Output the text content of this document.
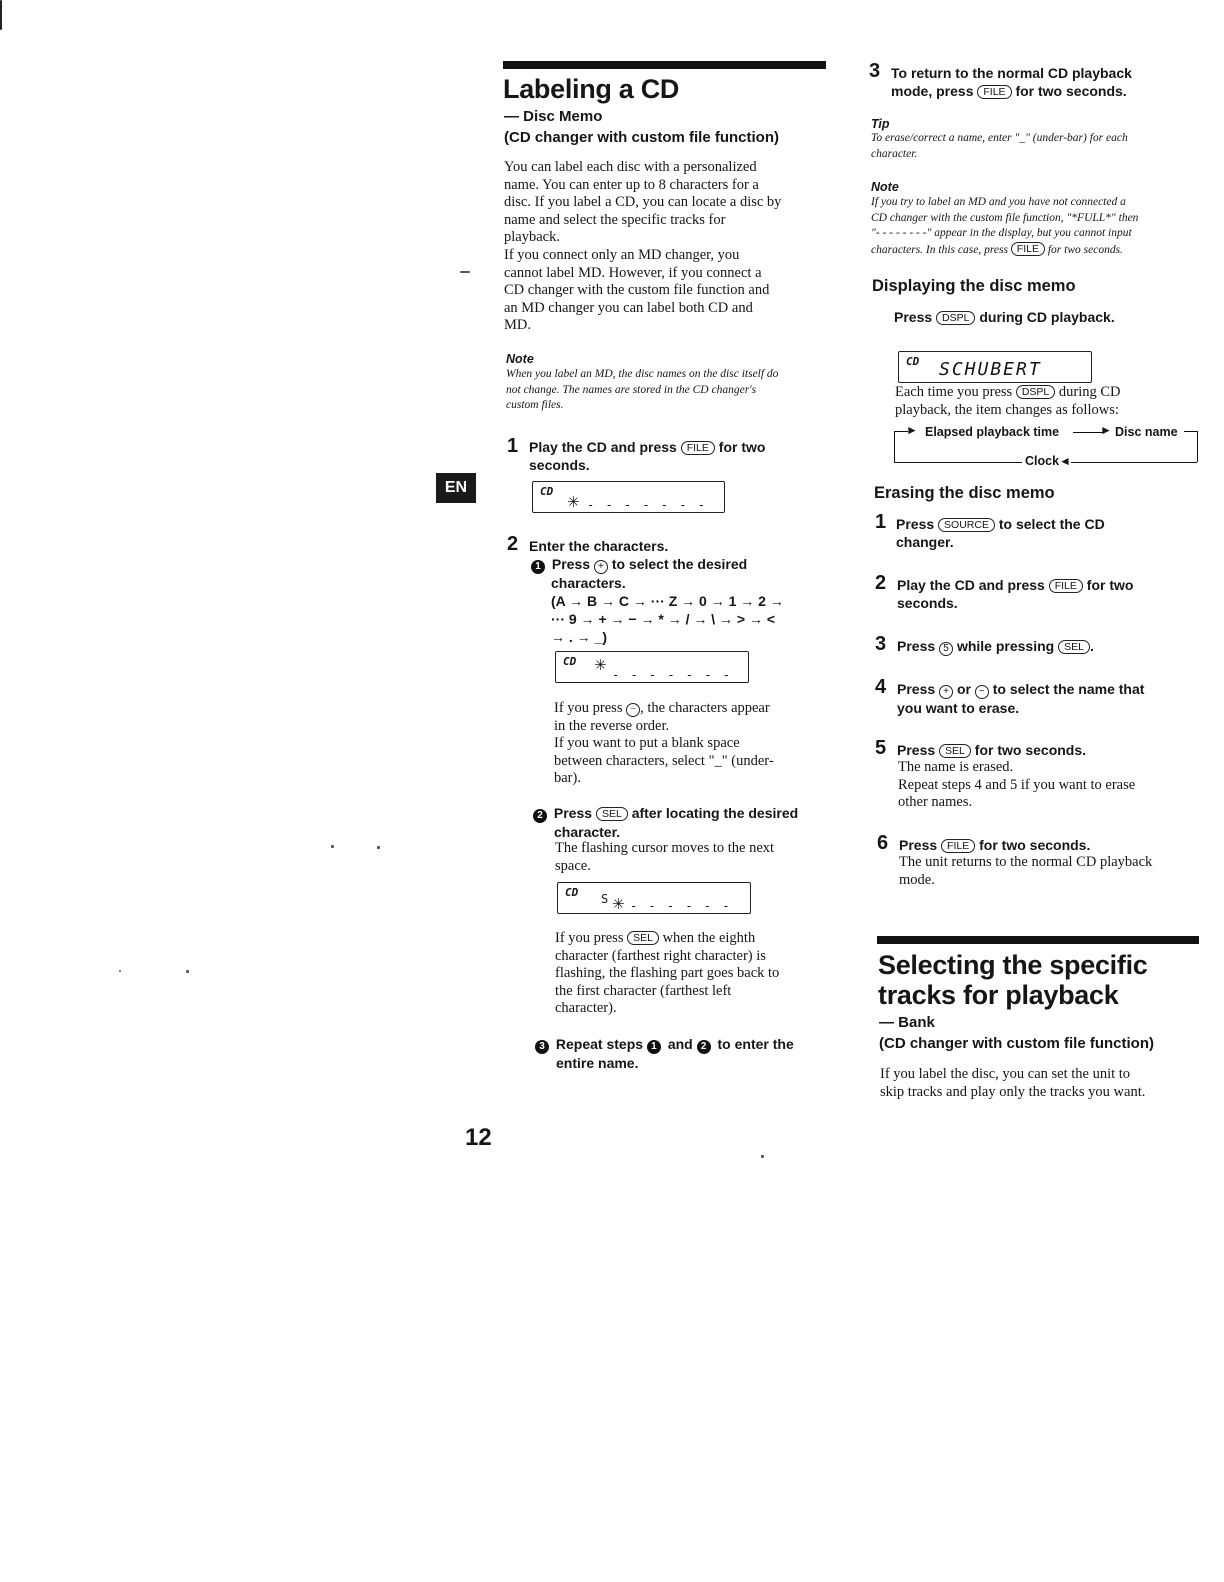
Labeling a CD
— Disc Memo
(CD changer with custom file function)
You can label each disc with a personalized
name. You can enter up to 8 characters for a
disc. If you label a CD, you can locate a disc by
name and select the specific tracks for
playback.
If you connect only an MD changer, you
cannot label MD. However, if you connect a
CD changer with the custom file function and
an MD changer you can label both CD and
MD.
Note
When you label an MD, the disc names on the disc itself do
not change. The names are stored in the CD changer's
custom files.
1 Play the CD and press FILE for two
seconds.
CD
✳ - - - - - - -
2 Enter the characters.
1 Press + to select the desired
characters.
(A → B → C → ··· Z → 0 → 1 → 2 →
··· 9 → + → − → * → / → \ → > → <
→ . → _)
CD ✳
- - - - - - -
If you press − , the characters appear
in the reverse order.
If you want to put a blank space
between characters, select "_" (under-
bar).
2 Press SEL after locating the desired
character.
The flashing cursor moves to the next
space.
CD S ✳ - - - - - -
If you press SEL when the eighth
character (farthest right character) is
flashing, the flashing part goes back to
the first character (farthest left
character).
3 Repeat steps 1 and 2 to enter the
entire name.
EN
12
3 To return to the normal CD playback
mode, press FILE for two seconds.
Tip
To erase/correct a name, enter "_" (under-bar) for each
character.
Note
If you try to label an MD and you have not connected a
CD changer with the custom file function, "*FULL*" then
"- - - - - - - -" appear in the display, but you cannot input
characters. In this case, press FILE for two seconds.
Displaying the disc memo
Press DSPL during CD playback.
CD SCHUBERT
Each time you press DSPL during CD
playback, the item changes as follows:
► Elapsed playback time	► Disc name
Clock ◄
Erasing the disc memo
1 Press SOURCE to select the CD
changer.
2 Play the CD and press FILE for two
seconds.
3 Press 5 while pressing SEL .
4 Press + or − to select the name that
you want to erase.
5 Press SEL for two seconds.
The name is erased.
Repeat steps 4 and 5 if you want to erase
other names.
6 Press FILE for two seconds.
The unit returns to the normal CD playback
mode.
Selecting the specific
tracks for playback
— Bank
(CD changer with custom file function)
If you label the disc, you can set the unit to
skip tracks and play only the tracks you want.
